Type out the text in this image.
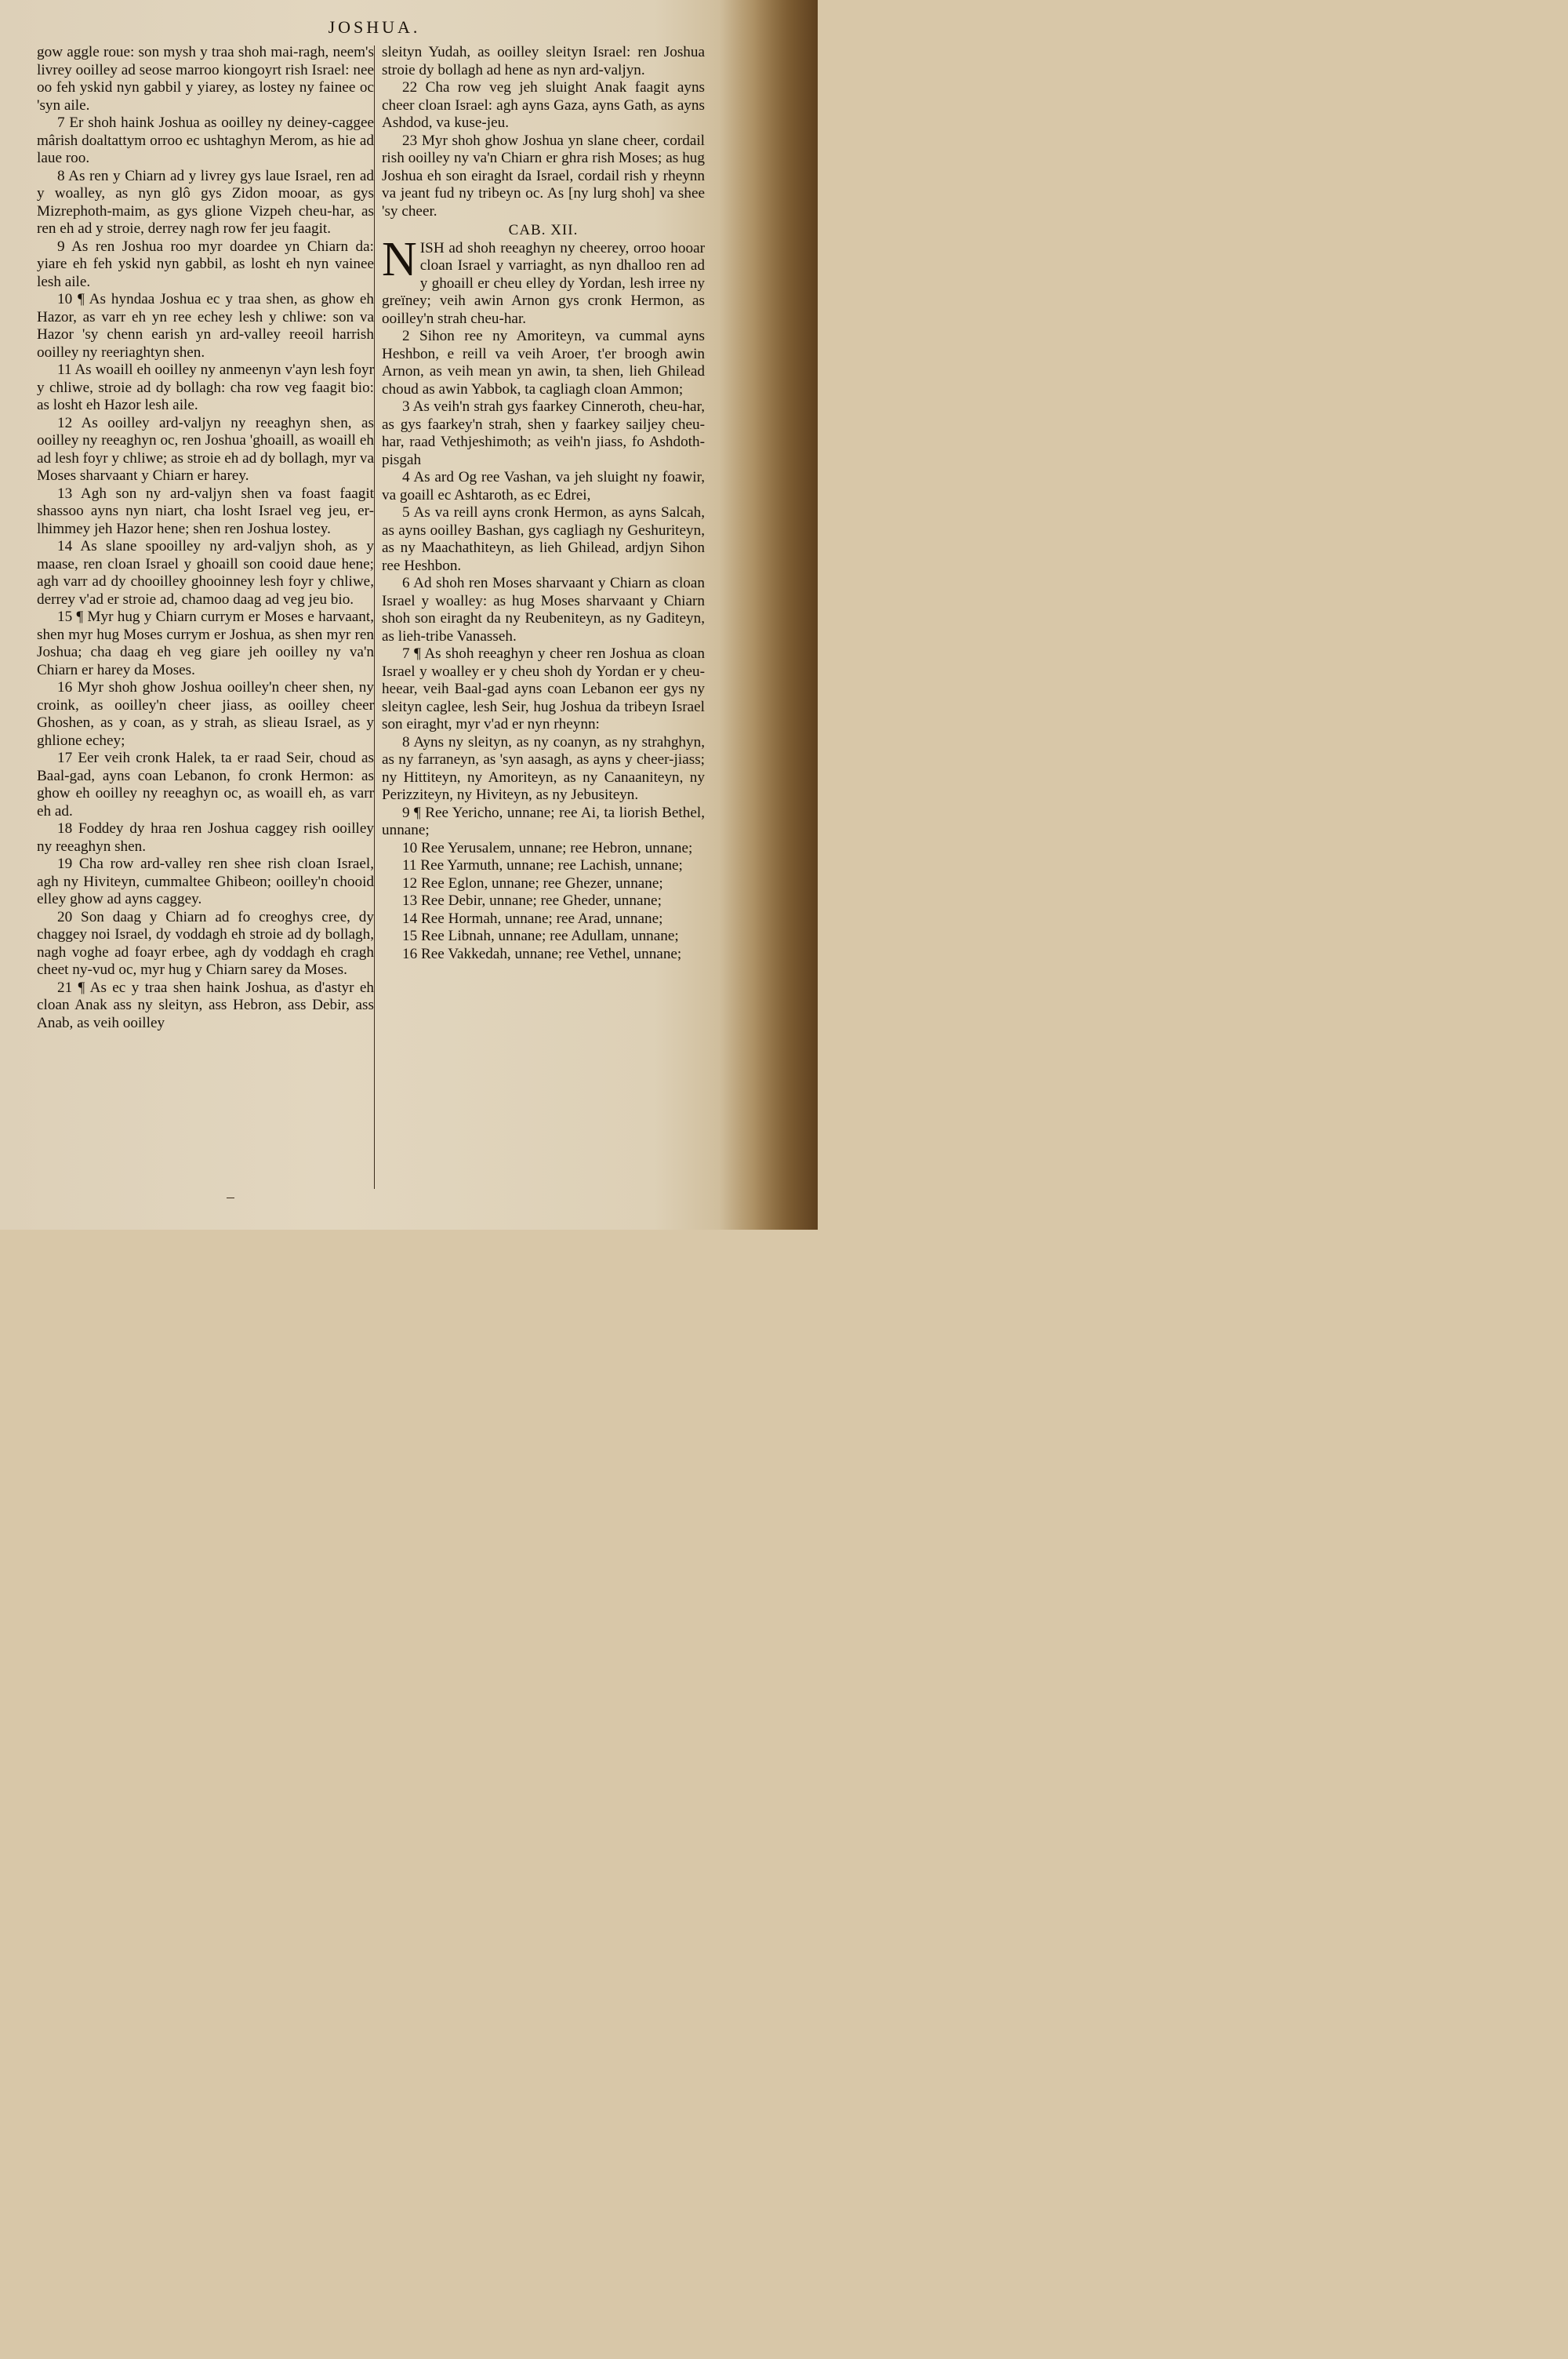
JOSHUA.

gow aggle roue: son mysh y traa shoh mai-ragh, neem's livrey ooilley ad seose marroo kiongoyrt rish Israel: nee oo feh yskid nyn gabbil y yiarey, as lostey ny fainee oc 'syn aile.

7 Er shoh haink Joshua as ooilley ny deiney-caggee mârish doaltattym orroo ec ushtaghyn Merom, as hie ad laue roo.

8 As ren y Chiarn ad y livrey gys laue Israel, ren ad y woalley, as nyn glô gys Zidon mooar, as gys Mizrephoth-maim, as gys glione Vizpeh cheu-har, as ren eh ad y stroie, derrey nagh row fer jeu faagit.

9 As ren Joshua roo myr doardee yn Chiarn da: yiare eh feh yskid nyn gabbil, as losht eh nyn vainee lesh aile.

10 ¶ As hyndaa Joshua ec y traa shen, as ghow eh Hazor, as varr eh yn ree echey lesh y chliwe: son va Hazor 'sy chenn earish yn ard-valley reeoil harrish ooilley ny reeriaghtyn shen.

11 As woaill eh ooilley ny anmeenyn v'ayn lesh foyr y chliwe, stroie ad dy bollagh: cha row veg faagit bio: as losht eh Hazor lesh aile.

12 As ooilley ard-valjyn ny reeaghyn shen, as ooilley ny reeaghyn oc, ren Joshua 'ghoaill, as woaill eh ad lesh foyr y chliwe; as stroie eh ad dy bollagh, myr va Moses sharvaant y Chiarn er harey.

13 Agh son ny ard-valjyn shen va foast faagit shassoo ayns nyn niart, cha losht Israel veg jeu, er-lhimmey jeh Hazor hene; shen ren Joshua lostey.

14 As slane spooilley ny ard-valjyn shoh, as y maase, ren cloan Israel y ghoaill son cooid daue hene; agh varr ad dy chooilley ghooinney lesh foyr y chliwe, derrey v'ad er stroie ad, chamoo daag ad veg jeu bio.

15 ¶ Myr hug y Chiarn currym er Moses e harvaant, shen myr hug Moses currym er Joshua, as shen myr ren Joshua; cha daag eh veg giare jeh ooilley ny va'n Chiarn er harey da Moses.

16 Myr shoh ghow Joshua ooilley'n cheer shen, ny croink, as ooilley'n cheer jiass, as ooilley cheer Ghoshen, as y coan, as y strah, as slieau Israel, as y ghlione echey;

17 Eer veih cronk Halek, ta er raad Seir, choud as Baal-gad, ayns coan Lebanon, fo cronk Hermon: as ghow eh ooilley ny reeaghyn oc, as woaill eh, as varr eh ad.

18 Foddey dy hraa ren Joshua caggey rish ooilley ny reeaghyn shen.

19 Cha row ard-valley ren shee rish cloan Israel, agh ny Hiviteyn, cummaltee Ghibeon; ooilley'n chooid elley ghow ad ayns caggey.

20 Son daag y Chiarn ad fo creoghys cree, dy chaggey noi Israel, dy voddagh eh stroie ad dy bollagh, nagh voghe ad foayr erbee, agh dy voddagh eh cragh cheet ny-vud oc, myr hug y Chiarn sarey da Moses.

21 ¶ As ec y traa shen haink Joshua, as d'astyr eh cloan Anak ass ny sleityn, ass Hebron, ass Debir, ass Anab, as veih ooilley

sleityn Yudah, as ooilley sleityn Israel: ren Joshua stroie dy bollagh ad hene as nyn ard-valjyn.

22 Cha row veg jeh sluight Anak faagit ayns cheer cloan Israel: agh ayns Gaza, ayns Gath, as ayns Ashdod, va kuse-jeu.

23 Myr shoh ghow Joshua yn slane cheer, cordail rish ooilley ny va'n Chiarn er ghra rish Moses; as hug Joshua eh son eiraght da Israel, cordail rish y rheynn va jeant fud ny tribeyn oc. As [ny lurg shoh] va shee 'sy cheer.

CAB. XII.
N ISH ad shoh reeaghyn ny cheerey, orroo hooar cloan Israel y varriaght, as nyn dhalloo ren ad y ghoaill er cheu elley dy Yordan, lesh irree ny greïney; veih awin Arnon gys cronk Hermon, as ooilley'n strah cheu-har.

2 Sihon ree ny Amoriteyn, va cummal ayns Heshbon, e reill va veih Aroer, t'er broogh awin Arnon, as veih mean yn awin, ta shen, lieh Ghilead choud as awin Yabbok, ta cagliagh cloan Ammon;

3 As veih'n strah gys faarkey Cinneroth, cheu-har, as gys faarkey'n strah, shen y faarkey sailjey cheu-har, raad Vethjeshimoth; as veih'n jiass, fo Ashdoth-pisgah

4 As ard Og ree Vashan, va jeh sluight ny foawir, va goaill ec Ashtaroth, as ec Edrei,

5 As va reill ayns cronk Hermon, as ayns Salcah, as ayns ooilley Bashan, gys cagliagh ny Geshuriteyn, as ny Maachathiteyn, as lieh Ghilead, ardjyn Sihon ree Heshbon.

6 Ad shoh ren Moses sharvaant y Chiarn as cloan Israel y woalley: as hug Moses sharvaant y Chiarn shoh son eiraght da ny Reubeniteyn, as ny Gaditeyn, as lieh-tribe Vanasseh.

7 ¶ As shoh reeaghyn y cheer ren Joshua as cloan Israel y woalley er y cheu shoh dy Yordan er y cheu-heear, veih Baal-gad ayns coan Lebanon eer gys ny sleityn caglee, lesh Seir, hug Joshua da tribeyn Israel son eiraght, myr v'ad er nyn rheynn:

8 Ayns ny sleityn, as ny coanyn, as ny strahghyn, as ny farraneyn, as 'syn aasagh, as ayns y cheer-jiass; ny Hittiteyn, ny Amoriteyn, as ny Canaaniteyn, ny Perizziteyn, ny Hiviteyn, as ny Jebusiteyn.

9 ¶ Ree Yericho, unnane; ree Ai, ta liorish Bethel, unnane;

10 Ree Yerusalem, unnane; ree Hebron, unnane;

11 Ree Yarmuth, unnane; ree Lachish, unnane;

12 Ree Eglon, unnane; ree Ghezer, unnane;

13 Ree Debir, unnane; ree Gheder, unnane;

14 Ree Hormah, unnane; ree Arad, unnane;

15 Ree Libnah, unnane; ree Adullam, unnane;

16 Ree Vakkedah, unnane; ree Vethel, unnane;
